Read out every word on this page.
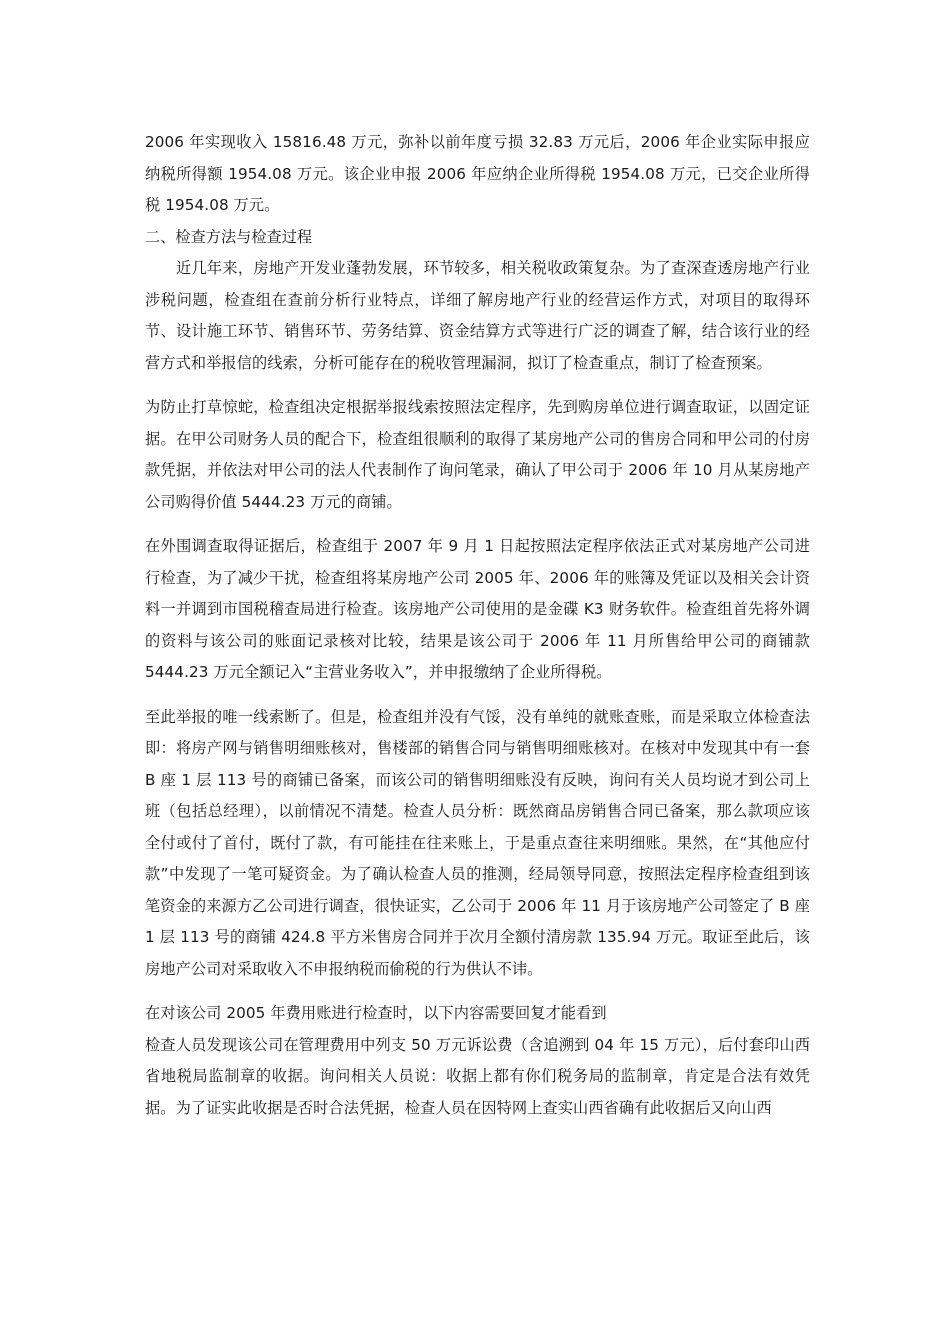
2006 年实现收入 15816.48 万元，弥补以前年度亏损 32.83 万元后，2006 年企业实际申报应纳税所得额 1954.08 万元。该企业申报 2006 年应纳企业所得税 1954.08 万元，已交企业所得税 1954.08 万元。

二、检查方法与检查过程

近几年来，房地产开发业蓬勃发展，环节较多，相关税收政策复杂。为了查深查透房地产行业涉税问题，检查组在查前分析行业特点，详细了解房地产行业的经营运作方式，对项目的取得环节、设计施工环节、销售环节、劳务结算、资金结算方式等进行广泛的调查了解，结合该行业的经营方式和举报信的线索，分析可能存在的税收管理漏洞，拟订了检查重点，制订了检查预案。

为防止打草惊蛇，检查组决定根据举报线索按照法定程序，先到购房单位进行调查取证，以固定证据。在甲公司财务人员的配合下，检查组很顺利的取得了某房地产公司的售房合同和甲公司的付房款凭据，并依法对甲公司的法人代表制作了询问笔录，确认了甲公司于 2006 年 10 月从某房地产公司购得价值 5444.23 万元的商铺。

在外围调查取得证据后，检查组于 2007 年 9 月 1 日起按照法定程序依法正式对某房地产公司进行检查，为了减少干扰，检查组将某房地产公司 2005 年、2006 年的账簿及凭证以及相关会计资料一并调到市国税稽查局进行检查。该房地产公司使用的是金碟 K3 财务软件。检查组首先将外调的资料与该公司的账面记录核对比较，结果是该公司于 2006 年 11 月所售给甲公司的商铺款 5444.23 万元全额记入“主营业务收入”，并申报缴纳了企业所得税。

至此举报的唯一线索断了。但是，检查组并没有气馁，没有单纯的就账查账，而是采取立体检查法即：将房产网与销售明细账核对，售楼部的销售合同与销售明细账核对。在核对中发现其中有一套 B 座 1 层 113 号的商铺已备案，而该公司的销售明细账没有反映，询问有关人员均说才到公司上班（包括总经理），以前情况不清楚。检查人员分析：既然商品房销售合同已备案，那么款项应该全付或付了首付，既付了款，有可能挂在往来账上，于是重点查往来明细账。果然，在“其他应付款”中发现了一笔可疑资金。为了确认检查人员的推测，经局领导同意，按照法定程序检查组到该笔资金的来源方乙公司进行调查，很快证实，乙公司于 2006 年 11 月于该房地产公司签定了 B 座 1 层 113 号的商铺 424.8 平方米售房合同并于次月全额付清房款 135.94 万元。取证至此后，该房地产公司对采取收入不申报纳税而偷税的行为供认不讳。

在对该公司 2005 年费用账进行检查时，以下内容需要回复才能看到

检查人员发现该公司在管理费用中列支 50 万元诉讼费（含追溯到 04 年 15 万元），后付套印山西省地税局监制章的收据。询问相关人员说：收据上都有你们税务局的监制章，肯定是合法有效凭据。为了证实此收据是否时合法凭据，检查人员在因特网上查实山西省确有此收据后又向山西
